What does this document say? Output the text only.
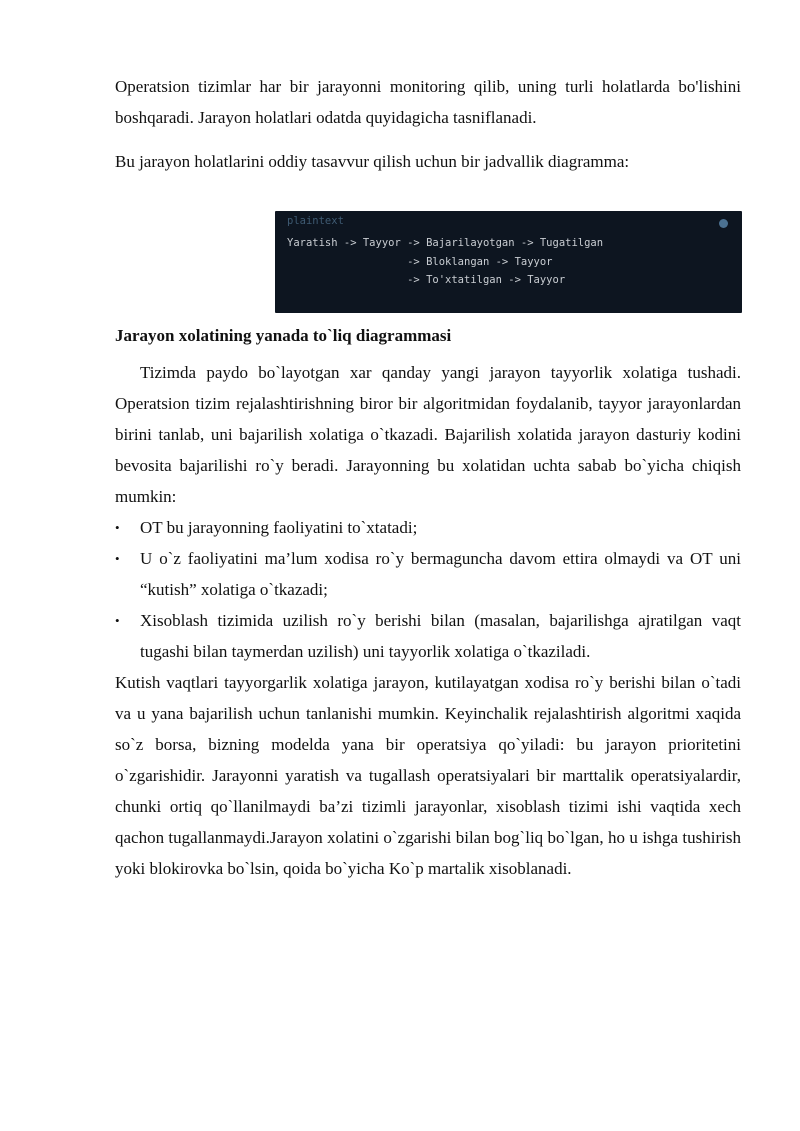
Operatsion tizimlar har bir jarayonni monitoring qilib, uning turli holatlarda bo'lishini boshqaradi. Jarayon holatlari odatda quyidagicha tasniflanadi.

Bu jarayon holatlarini oddiy tasavvur qilish uchun bir jadvallik diagramma:

plaintext
Yaratish -> Tayyor -> Bajarilayotgan -> Tugatilgan
-> Bloklangan -> Tayyor
-> To'xtatilgan -> Tayyor

Jarayon xolatining yanada to`liq diagrammasi

Tizimda paydo bo`layotgan xar qanday yangi jarayon tayyorlik xolatiga tushadi. Operatsion tizim rejalashtirishning biror bir algoritmidan foydalanib, tayyor jarayonlardan birini tanlab, uni bajarilish xolatiga o`tkazadi. Bajarilish xolatida jarayon dasturiy kodini bevosita bajarilishi ro`y beradi. Jarayonning bu xolatidan uchta sabab bo`yicha chiqish mumkin:

• OT bu jarayonning faoliyatini to`xtatadi;
• U o`z faoliyatini ma’lum xodisa ro`y bermaguncha davom ettira olmaydi va OT uni “kutish” xolatiga o`tkazadi;
• Xisoblash tizimida uzilish ro`y berishi bilan (masalan, bajarilishga ajratilgan vaqt tugashi bilan taymerdan uzilish) uni tayyorlik xolatiga o`tkaziladi.

Kutish vaqtlari tayyorgarlik xolatiga jarayon, kutilayatgan xodisa ro`y berishi bilan o`tadi va u yana bajarilish uchun tanlanishi mumkin. Keyinchalik rejalashtirish algoritmi xaqida so`z borsa, bizning modelda yana bir operatsiya qo`yiladi: bu jarayon prioritetini o`zgarishidir. Jarayonni yaratish va tugallash operatsiyalari bir marttalik operatsiyalardir, chunki ortiq qo`llanilmaydi ba’zi tizimli jarayonlar, xisoblash tizimi ishi vaqtida xech qachon tugallanmaydi.Jarayon xolatini o`zgarishi bilan bog`liq bo`lgan, ho u ishga tushirish yoki blokirovka bo`lsin, qoida bo`yicha Ko`p martalik xisoblanadi.
